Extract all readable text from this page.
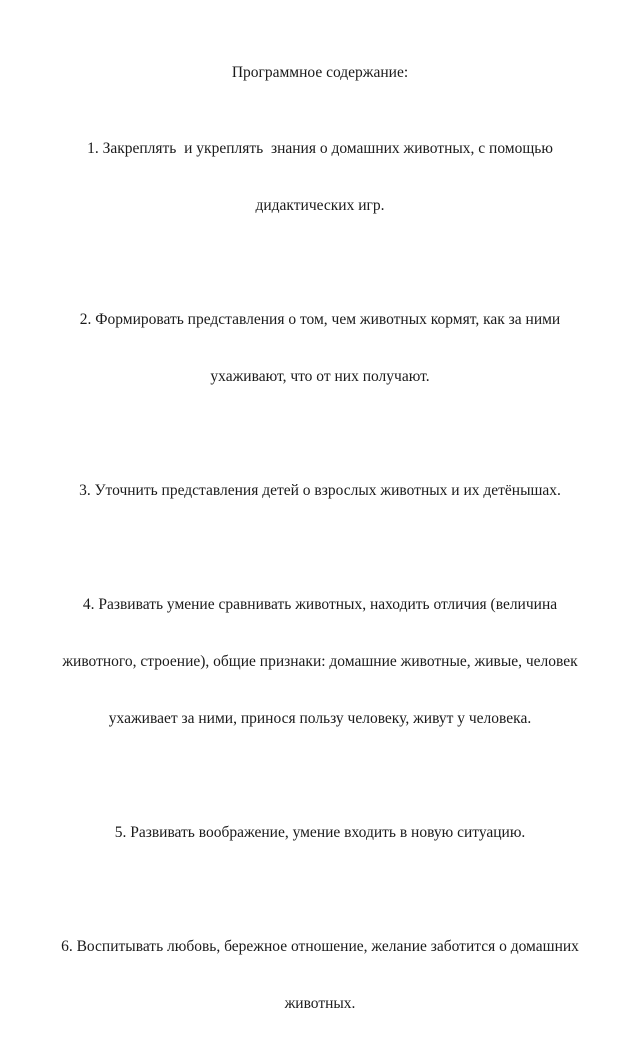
Программное содержание:

1. Закреплять  и укреплять  знания о домашних животных, с помощью

дидактических игр.

2. Формировать представления о том, чем животных кормят, как за ними

ухаживают, что от них получают.

3. Уточнить представления детей о взрослых животных и их детёнышах.

4. Развивать умение сравнивать животных, находить отличия (величина

животного, строение), общие признаки: домашние животные, живые, человек

ухаживает за ними, принося пользу человеку, живут у человека.

5. Развивать воображение, умение входить в новую ситуацию.

6. Воспитывать любовь, бережное отношение, желание заботится о домашних

животных.
